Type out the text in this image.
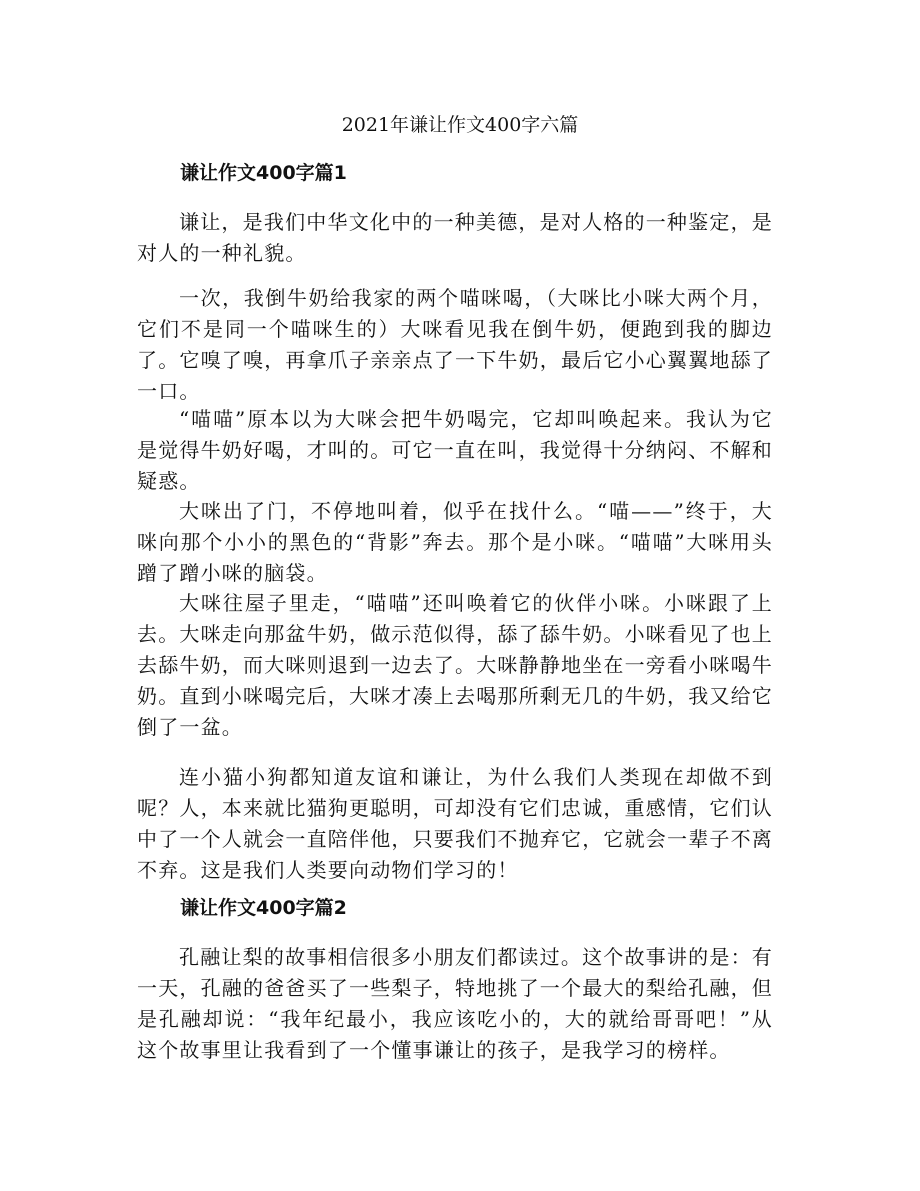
2021年谦让作文400字六篇
谦让作文400字篇1

谦让，是我们中华文化中的一种美德，是对人格的一种鉴定，是对人的一种礼貌。

一次，我倒牛奶给我家的两个喵咪喝，（大咪比小咪大两个月，它们不是同一个喵咪生的）大咪看见我在倒牛奶，便跑到我的脚边了。它嗅了嗅，再拿爪子亲亲点了一下牛奶，最后它小心翼翼地舔了一口。

“喵喵”原本以为大咪会把牛奶喝完，它却叫唤起来。我认为它是觉得牛奶好喝，才叫的。可它一直在叫，我觉得十分纳闷、不解和疑惑。

大咪出了门，不停地叫着，似乎在找什么。“喵——”终于，大咪向那个小小的黑色的“背影”奔去。那个是小咪。“喵喵”大咪用头蹭了蹭小咪的脑袋。

大咪往屋子里走，“喵喵”还叫唤着它的伙伴小咪。小咪跟了上去。大咪走向那盆牛奶，做示范似得，舔了舔牛奶。小咪看见了也上去舔牛奶，而大咪则退到一边去了。大咪静静地坐在一旁看小咪喝牛奶。直到小咪喝完后，大咪才凑上去喝那所剩无几的牛奶，我又给它倒了一盆。

连小猫小狗都知道友谊和谦让，为什么我们人类现在却做不到呢？人，本来就比猫狗更聪明，可却没有它们忠诚，重感情，它们认中了一个人就会一直陪伴他，只要我们不抛弃它，它就会一辈子不离不弃。这是我们人类要向动物们学习的！

谦让作文400字篇2

孔融让梨的故事相信很多小朋友们都读过。这个故事讲的是：有一天，孔融的爸爸买了一些梨子，特地挑了一个最大的梨给孔融，但是孔融却说：“我年纪最小，我应该吃小的，大的就给哥哥吧！”从这个故事里让我看到了一个懂事谦让的孩子，是我学习的榜样。
